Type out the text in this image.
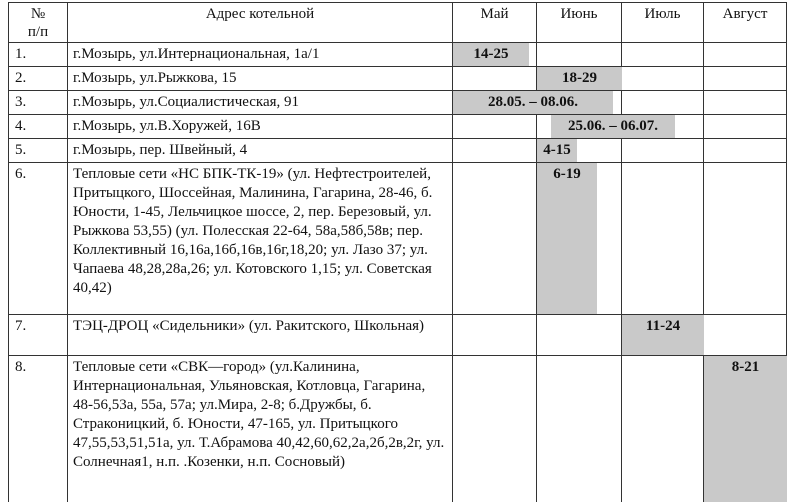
№
п/п	Адрес котельной	Май	Июнь	Июль	Август
1.	г.Мозырь, ул.Интернациональная, 1а/1	14-25			

2.	г.Мозырь, ул.Рыжкова, 15		18-29		

3.	г.Мозырь, ул.Социалистическая, 91	28.05. – 08.06.			

4.	г.Мозырь, ул.В.Хоружей, 16В		25.06. – 06.07.		

5.	г.Мозырь, пер. Швейный, 4		4-15		

6.	Тепловые сети «НС БПК-ТК-19» (ул. Нефтестроителей, Притыцкого, Шоссейная, Малинина, Гагарина, 28-46, б. Юности, 1-45, Лельчицкое шоссе, 2, пер. Березовый, ул. Рыжкова 53,55) (ул. Полесская 22-64, 58а,58б,58в; пер. Коллективный 16,16а,16б,16в,16г,18,20; ул. Лазо 37; ул. Чапаева 48,28,28а,26; ул. Котовского 1,15; ул. Советская 40,42)		6-19		

7.	ТЭЦ-ДРОЦ «Сидельники» (ул. Ракитского, Школьная)			11-24	

8.	Тепловые сети «СВК—город» (ул.Калинина, Интернациональная, Ульяновская, Котловца, Гагарина, 48-56,53а, 55а, 57а; ул.Мира, 2-8; б.Дружбы, б. Страконицкий, б. Юности, 47-165, ул. Притыцкого 47,55,53,51,51а, ул. Т.Абрамова 40,42,60,62,2а,2б,2в,2г, ул. Солнечная1, н.п. .Козенки, н.п. Сосновый)				8-21
